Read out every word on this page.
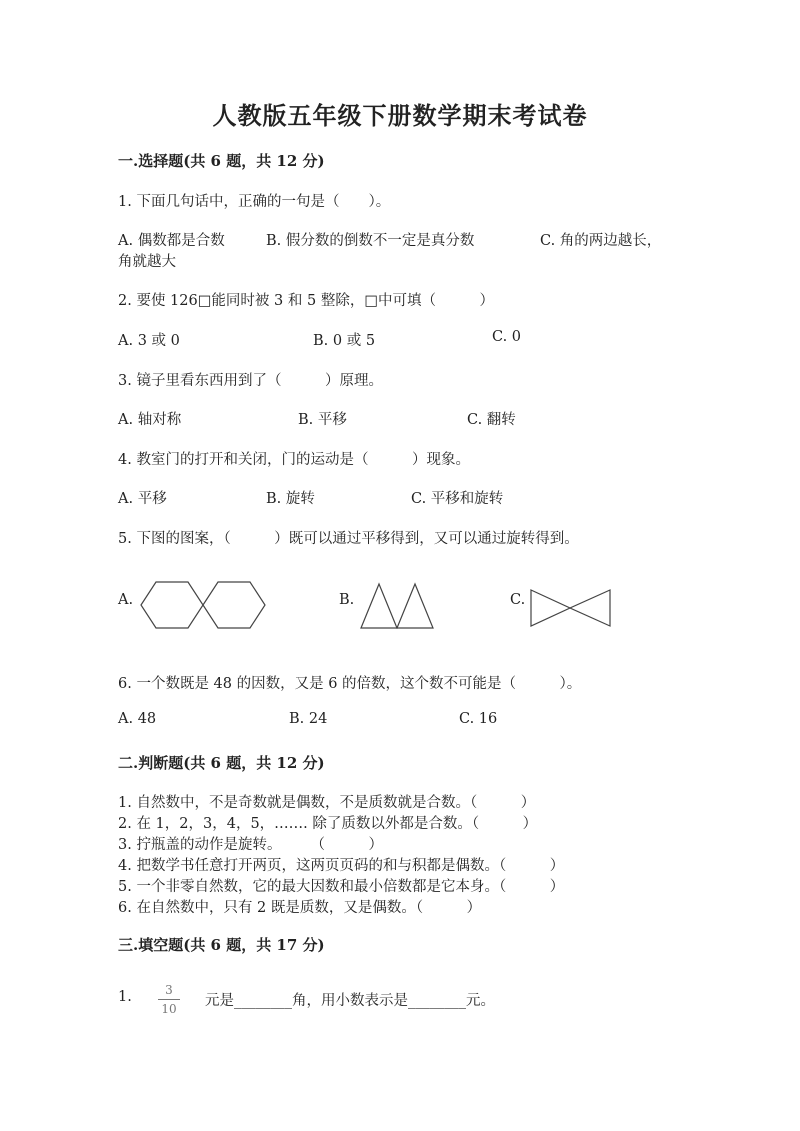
人教版五年级下册数学期末考试卷
一.选择题(共 6 题，共 12 分)
1. 下面几句话中，正确的一句是（　　）。
A. 偶数都是合数	B. 假分数的倒数不一定是真分数	C. 角的两边越长，
角就越大
2. 要使 126□能同时被 3 和 5 整除，□中可填（　　　）
A. 3 或 0	B. 0 或 5	C. 0
3. 镜子里看东西用到了（　　　）原理。
A. 轴对称	B. 平移	C. 翻转
4. 教室门的打开和关闭，门的运动是（　　　）现象。
A. 平移	B. 旋转	C. 平移和旋转
5. 下图的图案，（　　　）既可以通过平移得到，又可以通过旋转得到。
A.	B.	C.
6. 一个数既是 48 的因数，又是 6 的倍数，这个数不可能是（　　　）。
A. 48	B. 24	C. 16
二.判断题(共 6 题，共 12 分)
1. 自然数中，不是奇数就是偶数，不是质数就是合数。（　　　）
2. 在 1，2，3，4，5，……. 除了质数以外都是合数。（　　　）
3. 拧瓶盖的动作是旋转。　　　（　　　）
4. 把数学书任意打开两页，这两页页码的和与积都是偶数。（　　　）
5. 一个非零自然数，它的最大因数和最小倍数都是它本身。（　　　）
6. 在自然数中，只有 2 既是质数，又是偶数。（　　　）
三.填空题(共 6 题，共 17 分)
1.	3
10 元是________角，用小数表示是________元。
